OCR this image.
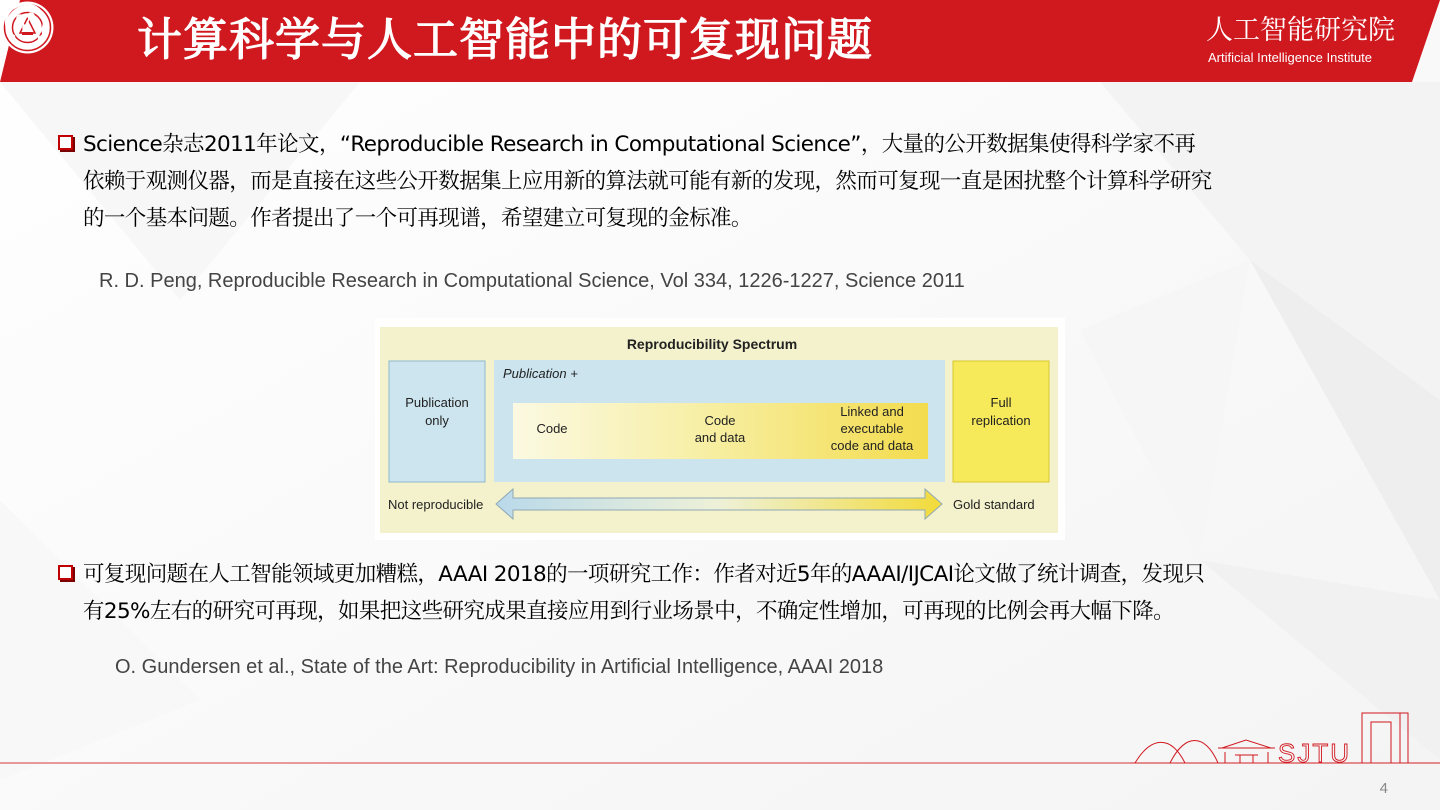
计算科学与人工智能中的可复现问题	人工智能研究院
Artificial Intelligence Institute
Science杂志2011年论文，“Reproducible Research in Computational Science”，大量的公开数据集使得科学家不再
依赖于观测仪器，而是直接在这些公开数据集上应用新的算法就可能有新的发现，然而可复现一直是困扰整个计算科学研究
的一个基本问题。作者提出了一个可再现谱，希望建立可复现的金标准。
R. D. Peng, Reproducible Research in Computational Science, Vol 334, 1226-1227, Science 2011
Reproducibility Spectrum
Publication
only
Publication +
Code
Code
and data
Linked and
executable
code and data
Full
replication
Not reproducible	Gold standard
可复现问题在人工智能领域更加糟糕，AAAI 2018的一项研究工作：作者对近5年的AAAI/IJCAI论文做了统计调查，发现只
有25%左右的研究可再现，如果把这些研究成果直接应用到行业场景中，不确定性增加，可再现的比例会再大幅下降。
O. Gundersen et al., State of the Art: Reproducibility in Artificial Intelligence, AAAI 2018
SJTU
4
